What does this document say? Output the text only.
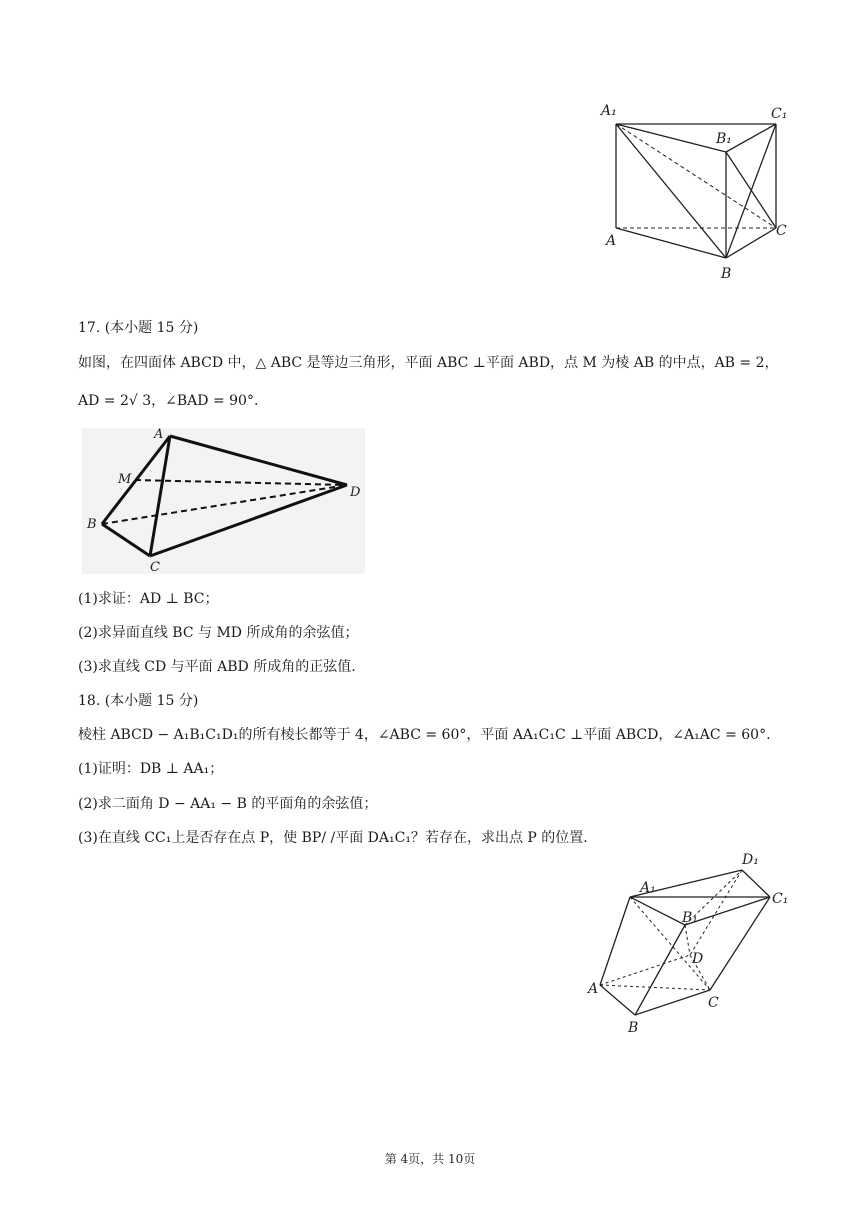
A₁	C₁
B₁
A
C
B
17. (本小题 15 分)
如图，在四面体 ABCD 中，△ ABC 是等边三角形，平面 ABC ⊥平面 ABD，点 M 为棱 AB 的中点，AB = 2，
AD = 2√ 3，∠BAD = 90°.
A
M
B
C
D
(1)求证：AD ⊥ BC；
(2)求异面直线 BC 与 MD 所成角的余弦值；
(3)求直线 CD 与平面 ABD 所成角的正弦值.
18. (本小题 15 分)
棱柱 ABCD − A₁B₁C₁D₁的所有棱长都等于 4，∠ABC = 60°，平面 AA₁C₁C ⊥平面 ABCD，∠A₁AC = 60°.
(1)证明：DB ⊥ AA₁；
(2)求二面角 D − AA₁ − B 的平面角的余弦值；
(3)在直线 CC₁上是否存在点 P，使 BP/ /平面 DA₁C₁？若存在，求出点 P 的位置.
D₁
A₁
C₁
B₁
D
A
C
B
第 4页，共 10页
